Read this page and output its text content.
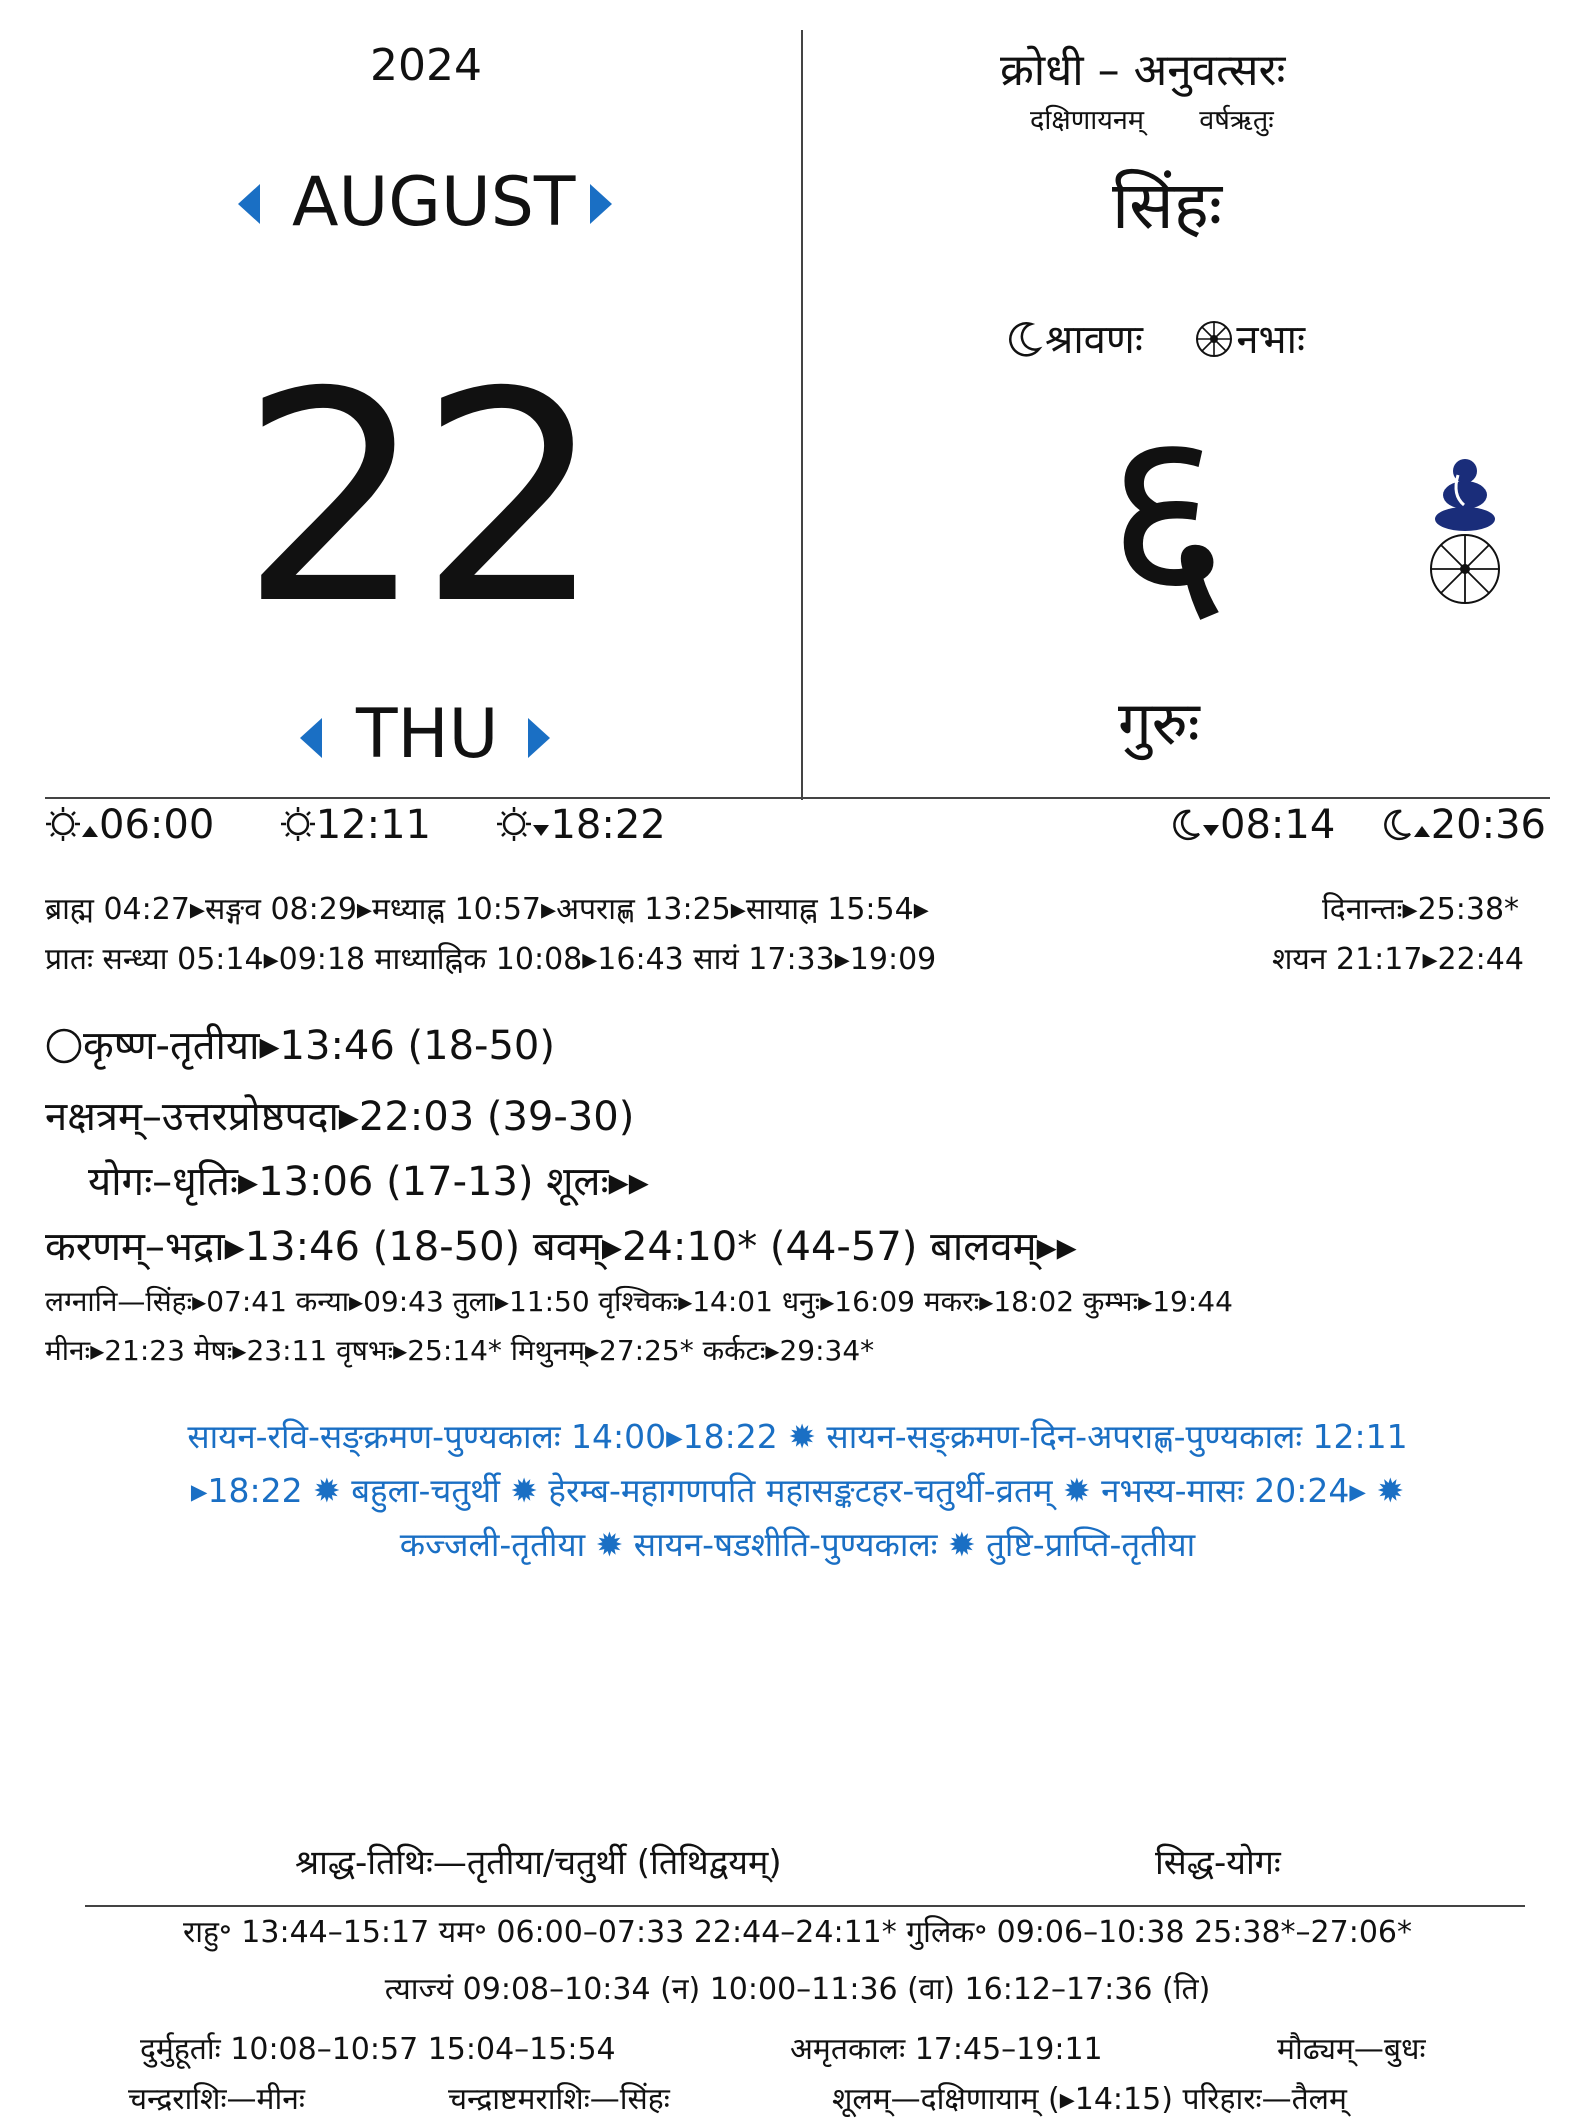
2024
AUGUST
22
THU
क्रोधी – अनुवत्सरः
दक्षिणायनम् वर्षऋतुः
सिंहः
श्रावणः नभाः
६
गुरुः
06:00	12:11	18:22	08:14 20:36
ब्राह्म 04:27▸सङ्गव 08:29▸मध्याह्न 10:57▸अपराह्ण 13:25▸सायाह्न 15:54▸	दिनान्तः▸25:38*
प्रातः सन्ध्या 05:14▸09:18 माध्याह्निक 10:08▸16:43 सायं 17:33▸19:09	शयन 21:17▸22:44
कृष्ण-तृतीया▸13:46 (18-50)
नक्षत्रम्–उत्तरप्रोष्ठपदा▸22:03 (39-30)
योगः–धृतिः▸13:06 (17-13) शूलः▸▸
करणम्–भद्रा▸13:46 (18-50) बवम्▸24:10* (44-57) बालवम्▸▸
लग्नानि—सिंहः▸07:41 कन्या▸09:43 तुला▸11:50 वृश्चिकः▸14:01 धनुः▸16:09 मकरः▸18:02 कुम्भः▸19:44
मीनः▸21:23 मेषः▸23:11 वृषभः▸25:14* मिथुनम्▸27:25* कर्कटः▸29:34*
सायन-रवि-सङ्क्रमण-पुण्यकालः 14:00▸18:22 ✹ सायन-सङ्क्रमण-दिन-अपराह्ण-पुण्यकालः 12:11
▸18:22 ✹ बहुला-चतुर्थी ✹ हेरम्ब-महागणपति महासङ्कटहर-चतुर्थी-व्रतम् ✹ नभस्य-मासः 20:24▸ ✹
कज्जली-तृतीया ✹ सायन-षडशीति-पुण्यकालः ✹ तुष्टि-प्राप्ति-तृतीया
श्राद्ध-तिथिः—तृतीया/चतुर्थी (तिथिद्वयम्)	सिद्ध-योगः
राहु॰ 13:44–15:17 यम॰ 06:00–07:33 22:44–24:11* गुलिक॰ 09:06–10:38 25:38*–27:06*
त्याज्यं 09:08–10:34 (न) 10:00–11:36 (वा) 16:12–17:36 (ति)
दुर्मुहूर्ताः 10:08–10:57 15:04–15:54	अमृतकालः 17:45–19:11	मौढ्यम्—बुधः
चन्द्रराशिः—मीनः	चन्द्राष्टमराशिः—सिंहः	शूलम्—दक्षिणायाम् (▸14:15) परिहारः—तैलम्
